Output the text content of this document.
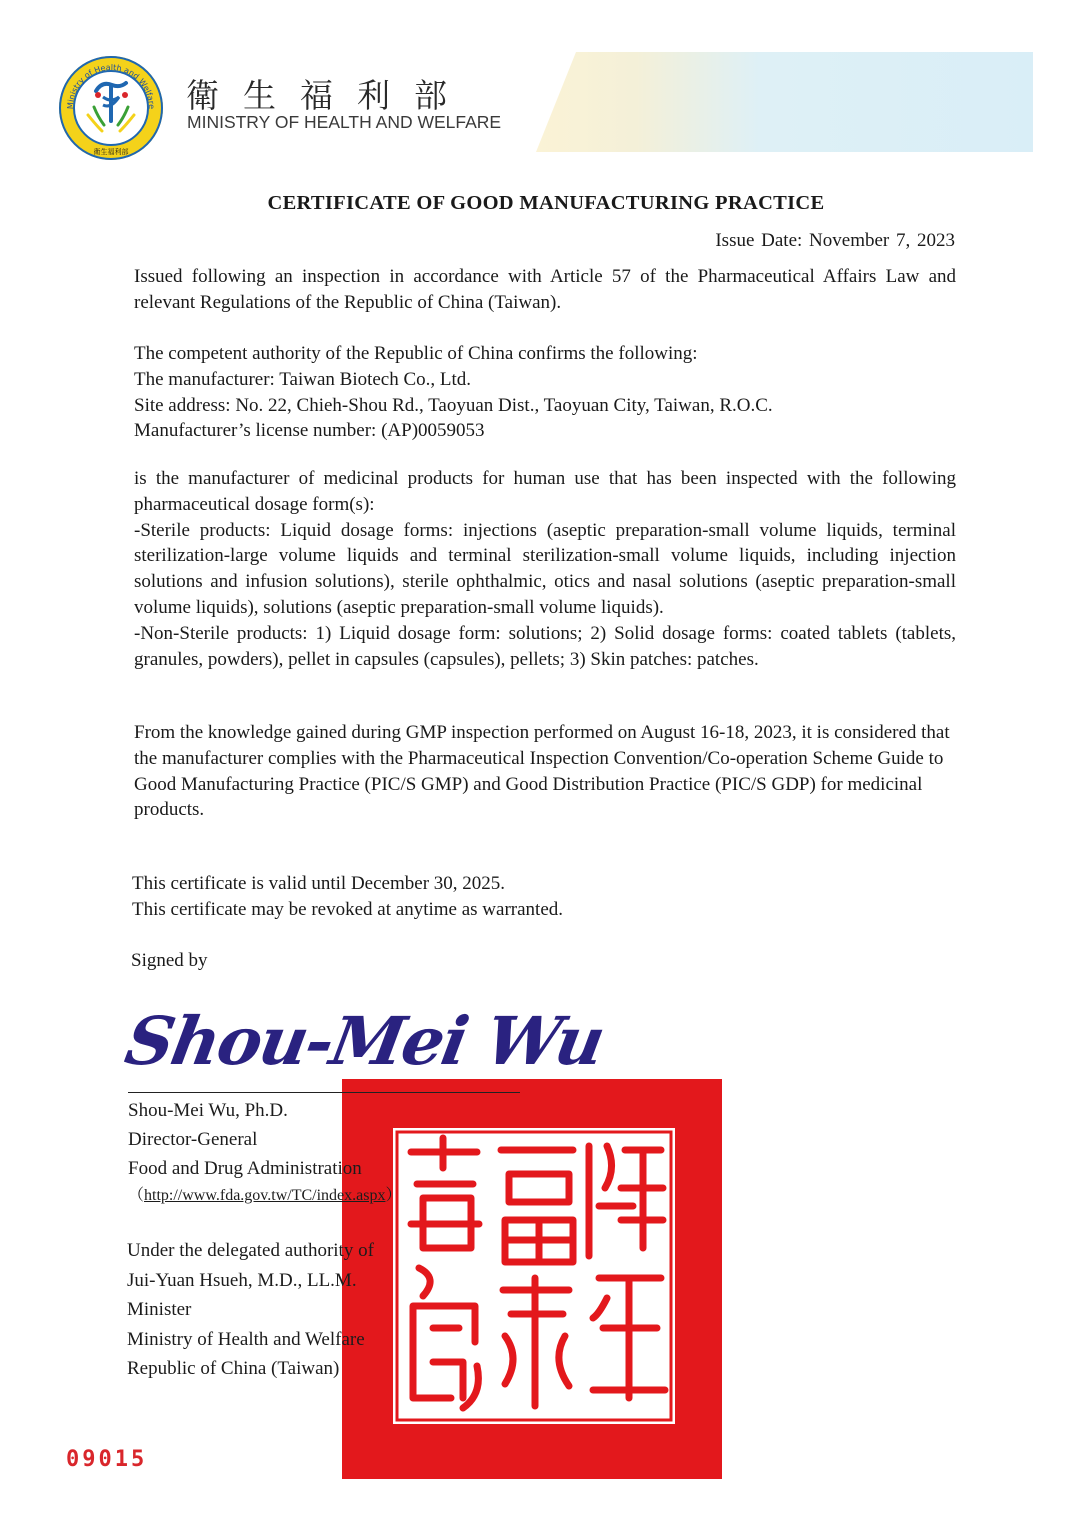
Ministry of Health and Welfare
衛生福利部
衛生福利部
MINISTRY OF HEALTH AND WELFARE
CERTIFICATE OF GOOD MANUFACTURING PRACTICE
Issue Date: November 7, 2023

Issued following an inspection in accordance with Article 57 of the Pharmaceutical Affairs Law and relevant Regulations of the Republic of China (Taiwan).

The competent authority of the Republic of China confirms the following:

The manufacturer: Taiwan Biotech Co., Ltd.

Site address: No. 22, Chieh-Shou Rd., Taoyuan Dist., Taoyuan City, Taiwan, R.O.C.

Manufacturer’s license number: (AP)0059053

is the manufacturer of medicinal products for human use that has been inspected with the following pharmaceutical dosage form(s):

-Sterile products: Liquid dosage forms: injections (aseptic preparation-small volume liquids, terminal sterilization-large volume liquids and terminal sterilization-small volume liquids, including injection solutions and infusion solutions), sterile ophthalmic, otics and nasal solutions (aseptic preparation-small volume liquids), solutions (aseptic preparation-small volume liquids).

-Non-Sterile products: 1) Liquid dosage form: solutions; 2) Solid dosage forms: coated tablets (tablets, granules, powders), pellet in capsules (capsules), pellets; 3) Skin patches: patches.

From the knowledge gained during GMP inspection performed on August 16-18, 2023, it is considered that the manufacturer complies with the Pharmaceutical Inspection Convention/Co-operation Scheme Guide to Good Manufacturing Practice (PIC/S GMP) and Good Distribution Practice (PIC/S GDP) for medicinal products.

This certificate is valid until December 30, 2025.

This certificate may be revoked at anytime as warranted.

Signed by
Shou-Mei Wu
Shou-Mei Wu, Ph.D.
Director-General
Food and Drug Administration
（http://www.fda.gov.tw/TC/index.aspx）
Under the delegated authority of
Jui-Yuan Hsueh, M.D., LL.M.
Minister
Ministry of Health and Welfare
Republic of China (Taiwan)
09015
